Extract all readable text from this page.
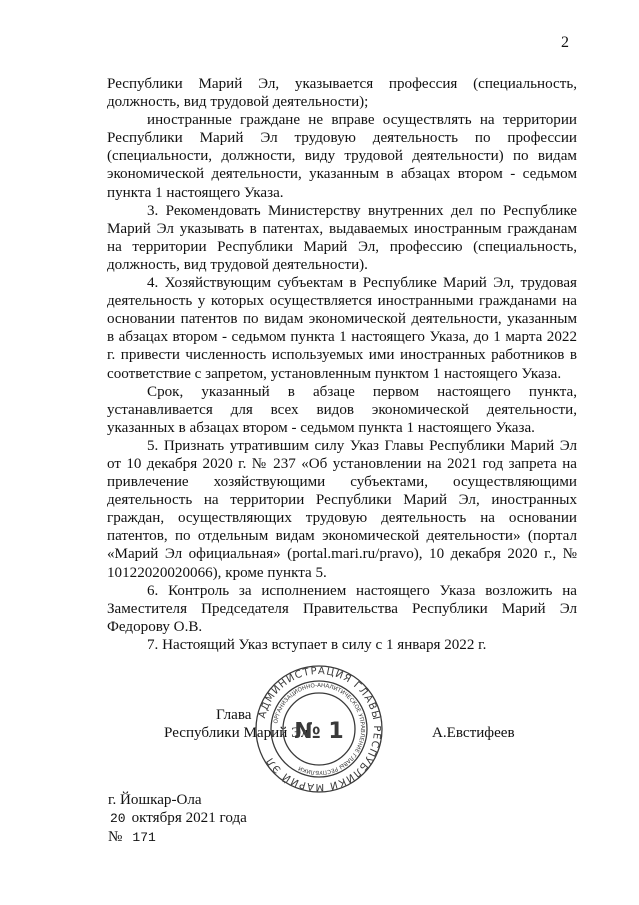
2

Республики Марий Эл, указывается профессия (специальность, должность, вид трудовой деятельности);

иностранные граждане не вправе осуществлять на территории Республики Марий Эл трудовую деятельность по профессии (специальности, должности, виду трудовой деятельности) по видам экономической деятельности, указанным в абзацах втором - седьмом пункта 1 настоящего Указа.

3. Рекомендовать Министерству внутренних дел по Республике Марий Эл указывать в патентах, выдаваемых иностранным гражданам на территории Республики Марий Эл, профессию (специальность, должность, вид трудовой деятельности).

4. Хозяйствующим субъектам в Республике Марий Эл, трудовая деятельность у которых осуществляется иностранными гражданами на основании патентов по видам экономической деятельности, указанным в абзацах втором - седьмом пункта 1 настоящего Указа, до 1 марта 2022 г. привести численность используемых ими иностранных работников в соответствие с запретом, установленным пунктом 1 настоящего Указа.

Срок, указанный в абзаце первом настоящего пункта, устанавливается для всех видов экономической деятельности, указанных в абзацах втором - седьмом пункта 1 настоящего Указа.

5. Признать утратившим силу Указ Главы Республики Марий Эл от 10 декабря 2020 г. № 237 «Об установлении на 2021 год запрета на привлечение хозяйствующими субъектами, осуществляющими деятельность на территории Республики Марий Эл, иностранных граждан, осуществляющих трудовую деятельность на основании патентов, по отдельным видам экономической деятельности» (портал «Марий Эл официальная» (portal.mari.ru/pravo), 10 декабря 2020 г., № 10122020020066), кроме пункта 5.

6. Контроль за исполнением настоящего Указа возложить на Заместителя Председателя Правительства Республики Марий Эл Федорову О.В.

7. Настоящий Указ вступает в силу с 1 января 2022 г.

Глава
Республики Марий Эл	А.Евстифеев
АДМИНИСТРАЦИЯ ГЛАВЫ РЕСПУБЛИКИ МАРИЙ ЭЛ
ОРГАНИЗАЦИОННО-АНАЛИТИЧЕСКОЕ УПРАВЛЕНИЕ ГЛАВЫ РЕСПУБЛИКИ
№ 1
г. Йошкар-Ола
20 октября 2021 года
№ 171
